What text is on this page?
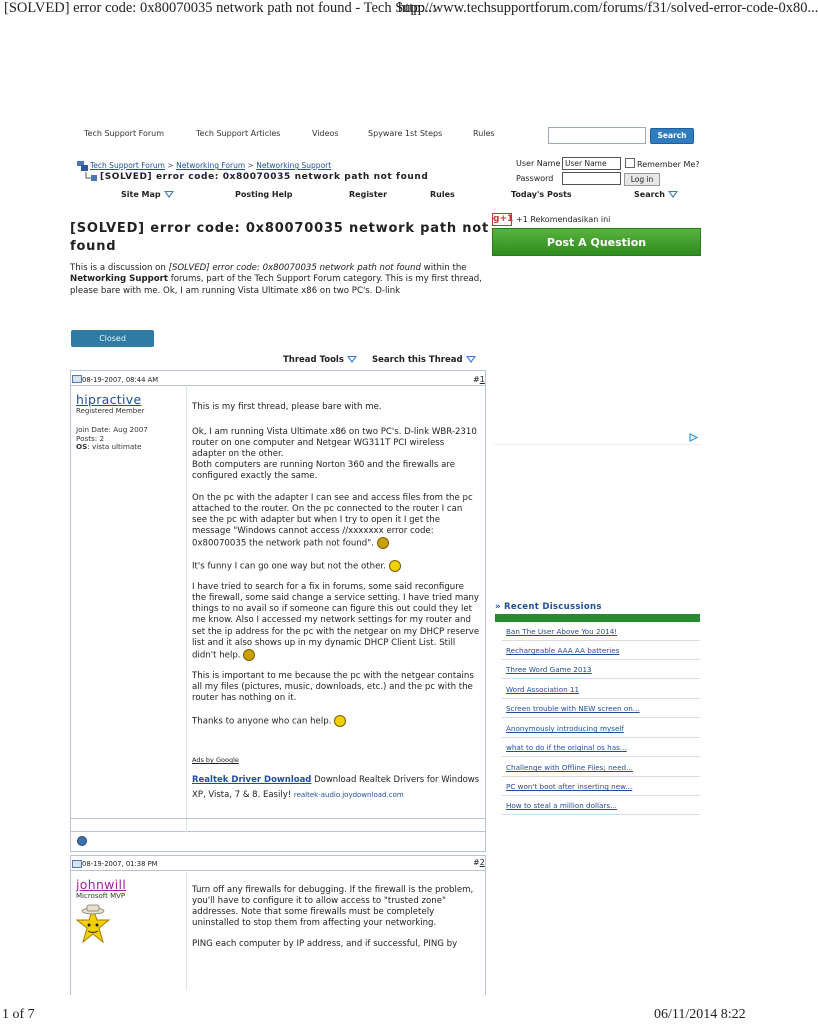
[SOLVED] error code: 0x80070035 network path not found - Tech Supp...
http://www.techsupportforum.com/forums/f31/solved-error-code-0x80...
Tech Support Forum	Tech Support Articles	Videos	Spyware 1st Steps	Rules	Search
Tech Support Forum > Networking Forum > Networking Support
[SOLVED] error code: 0x80070035 network path not found
User Name User Name	Remember Me?
Password	Log in
Site Map	Posting Help	Register	Rules	Today's Posts	Search
[SOLVED] error code: 0x80070035 network path not found
This is a discussion on [SOLVED] error code: 0x80070035 network path not found within the Networking Support forums, part of the Tech Support Forum category. This is my first thread, please bare with me. Ok, I am running Vista Ultimate x86 on two PC's. D-link
Closed
Thread Tools	Search this Thread
08-19-2007, 08:44 AM	#1
hipractive
Registered Member
Join Date: Aug 2007
Posts: 2
OS: vista ultimate

This is my first thread, please bare with me.

Ok, I am running Vista Ultimate x86 on two PC's. D-link WBR-2310 router on one computer and Netgear WG311T PCI wireless adapter on the other.

Both computers are running Norton 360 and the firewalls are configured exactly the same.

On the pc with the adapter I can see and access files from the pc attached to the router. On the pc connected to the router I can see the pc with adapter but when I try to open it I get the message "Windows cannot access //xxxxxxx error code: 0x80070035 the network path not found".

It's funny I can go one way but not the other.

I have tried to search for a fix in forums, some said reconfigure the firewall, some said change a service setting. I have tried many things to no avail so if someone can figure this out could they let me know. Also I accessed my network settings for my router and set the ip address for the pc with the netgear on my DHCP reserve list and it also shows up in my dynamic DHCP Client List. Still didn't help.

This is important to me because the pc with the netgear contains all my files (pictures, music, downloads, etc.) and the pc with the router has nothing on it.

Thanks to anyone who can help.

Ads by Google
Realtek Driver Download Download Realtek Drivers for Windows XP, Vista, 7 & 8. Easily! realtek-audio.joydownload.com
08-19-2007, 01:38 PM	#2
johnwill
Microsoft MVP

Turn off any firewalls for debugging. If the firewall is the problem, you'll have to configure it to allow access to "trusted zone" addresses. Note that some firewalls must be completely uninstalled to stop them from affecting your networking.

PING each computer by IP address, and if successful, PING by

g+1 +1 Rekomendasikan ini
Post A Question
» Recent Discussions
Ban The User Above You 2014!
Rechargeable AAA AA batteries
Three Word Game 2013
Word Association 11
Screen trouble with NEW screen on...
Anonymously introducing myself
what to do if the original os has...
Challenge with Offline Files; need...
PC won't boot after inserting new...
How to steal a million dollars...
1 of 7	06/11/2014 8:22
